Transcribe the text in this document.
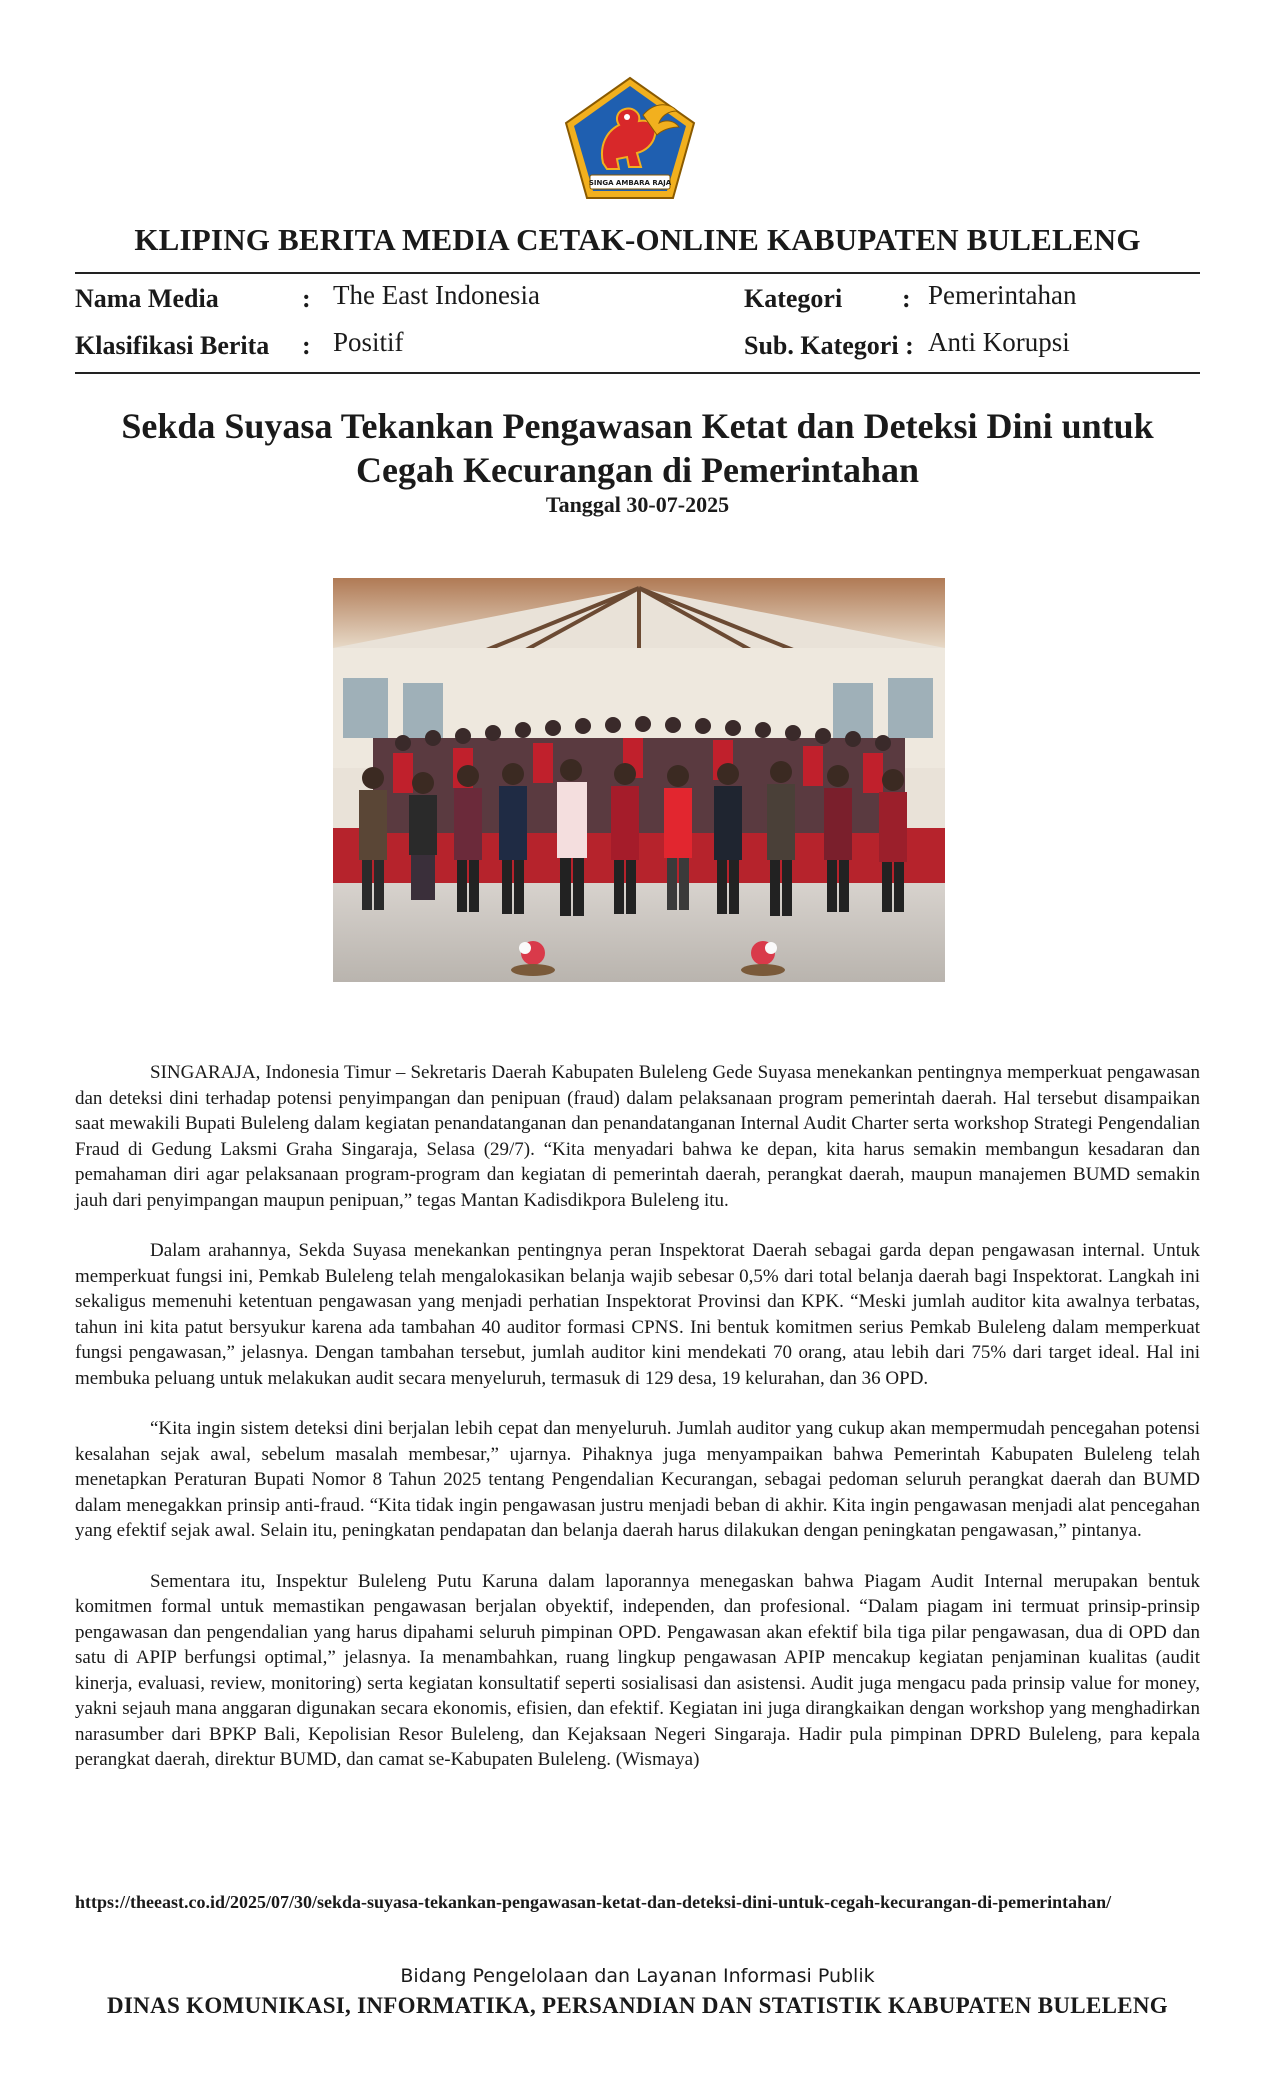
SINGA AMBARA RAJA
KLIPING BERITA MEDIA CETAK-ONLINE KABUPATEN BULELENG
Nama Media	: The East Indonesia	Kategori : Pemerintahan
Klasifikasi Berita : Positif	Sub. Kategori : Anti Korupsi
Sekda Suyasa Tekankan Pengawasan Ketat dan Deteksi Dini untuk
Cegah Kecurangan di Pemerintahan
Tanggal 30-07-2025

SINGARAJA, Indonesia Timur – Sekretaris Daerah Kabupaten Buleleng Gede Suyasa menekankan pentingnya memperkuat pengawasan dan deteksi dini terhadap potensi penyimpangan dan penipuan (fraud) dalam pelaksanaan program pemerintah daerah. Hal tersebut disampaikan saat mewakili Bupati Buleleng dalam kegiatan penandatanganan dan penandatanganan Internal Audit Charter serta workshop Strategi Pengendalian Fraud di Gedung Laksmi Graha Singaraja, Selasa (29/7). “Kita menyadari bahwa ke depan, kita harus semakin membangun kesadaran dan pemahaman diri agar pelaksanaan program-program dan kegiatan di pemerintah daerah, perangkat daerah, maupun manajemen BUMD semakin jauh dari penyimpangan maupun penipuan,” tegas Mantan Kadisdikpora Buleleng itu.

Dalam arahannya, Sekda Suyasa menekankan pentingnya peran Inspektorat Daerah sebagai garda depan pengawasan internal. Untuk memperkuat fungsi ini, Pemkab Buleleng telah mengalokasikan belanja wajib sebesar 0,5% dari total belanja daerah bagi Inspektorat. Langkah ini sekaligus memenuhi ketentuan pengawasan yang menjadi perhatian Inspektorat Provinsi dan KPK. “Meski jumlah auditor kita awalnya terbatas, tahun ini kita patut bersyukur karena ada tambahan 40 auditor formasi CPNS. Ini bentuk komitmen serius Pemkab Buleleng dalam memperkuat fungsi pengawasan,” jelasnya. Dengan tambahan tersebut, jumlah auditor kini mendekati 70 orang, atau lebih dari 75% dari target ideal. Hal ini membuka peluang untuk melakukan audit secara menyeluruh, termasuk di 129 desa, 19 kelurahan, dan 36 OPD.

“Kita ingin sistem deteksi dini berjalan lebih cepat dan menyeluruh. Jumlah auditor yang cukup akan mempermudah pencegahan potensi kesalahan sejak awal, sebelum masalah membesar,” ujarnya. Pihaknya juga menyampaikan bahwa Pemerintah Kabupaten Buleleng telah menetapkan Peraturan Bupati Nomor 8 Tahun 2025 tentang Pengendalian Kecurangan, sebagai pedoman seluruh perangkat daerah dan BUMD dalam menegakkan prinsip anti-fraud. “Kita tidak ingin pengawasan justru menjadi beban di akhir. Kita ingin pengawasan menjadi alat pencegahan yang efektif sejak awal. Selain itu, peningkatan pendapatan dan belanja daerah harus dilakukan dengan peningkatan pengawasan,” pintanya.

Sementara itu, Inspektur Buleleng Putu Karuna dalam laporannya menegaskan bahwa Piagam Audit Internal merupakan bentuk komitmen formal untuk memastikan pengawasan berjalan obyektif, independen, dan profesional. “Dalam piagam ini termuat prinsip-prinsip pengawasan dan pengendalian yang harus dipahami seluruh pimpinan OPD. Pengawasan akan efektif bila tiga pilar pengawasan, dua di OPD dan satu di APIP berfungsi optimal,” jelasnya. Ia menambahkan, ruang lingkup pengawasan APIP mencakup kegiatan penjaminan kualitas (audit kinerja, evaluasi, review, monitoring) serta kegiatan konsultatif seperti sosialisasi dan asistensi. Audit juga mengacu pada prinsip value for money, yakni sejauh mana anggaran digunakan secara ekonomis, efisien, dan efektif. Kegiatan ini juga dirangkaikan dengan workshop yang menghadirkan narasumber dari BPKP Bali, Kepolisian Resor Buleleng, dan Kejaksaan Negeri Singaraja. Hadir pula pimpinan DPRD Buleleng, para kepala perangkat daerah, direktur BUMD, dan camat se-Kabupaten Buleleng. (Wismaya)

https://theeast.co.id/2025/07/30/sekda-suyasa-tekankan-pengawasan-ketat-dan-deteksi-dini-untuk-cegah-kecurangan-di-pemerintahan/
Bidang Pengelolaan dan Layanan Informasi Publik
DINAS KOMUNIKASI, INFORMATIKA, PERSANDIAN DAN STATISTIK KABUPATEN BULELENG
